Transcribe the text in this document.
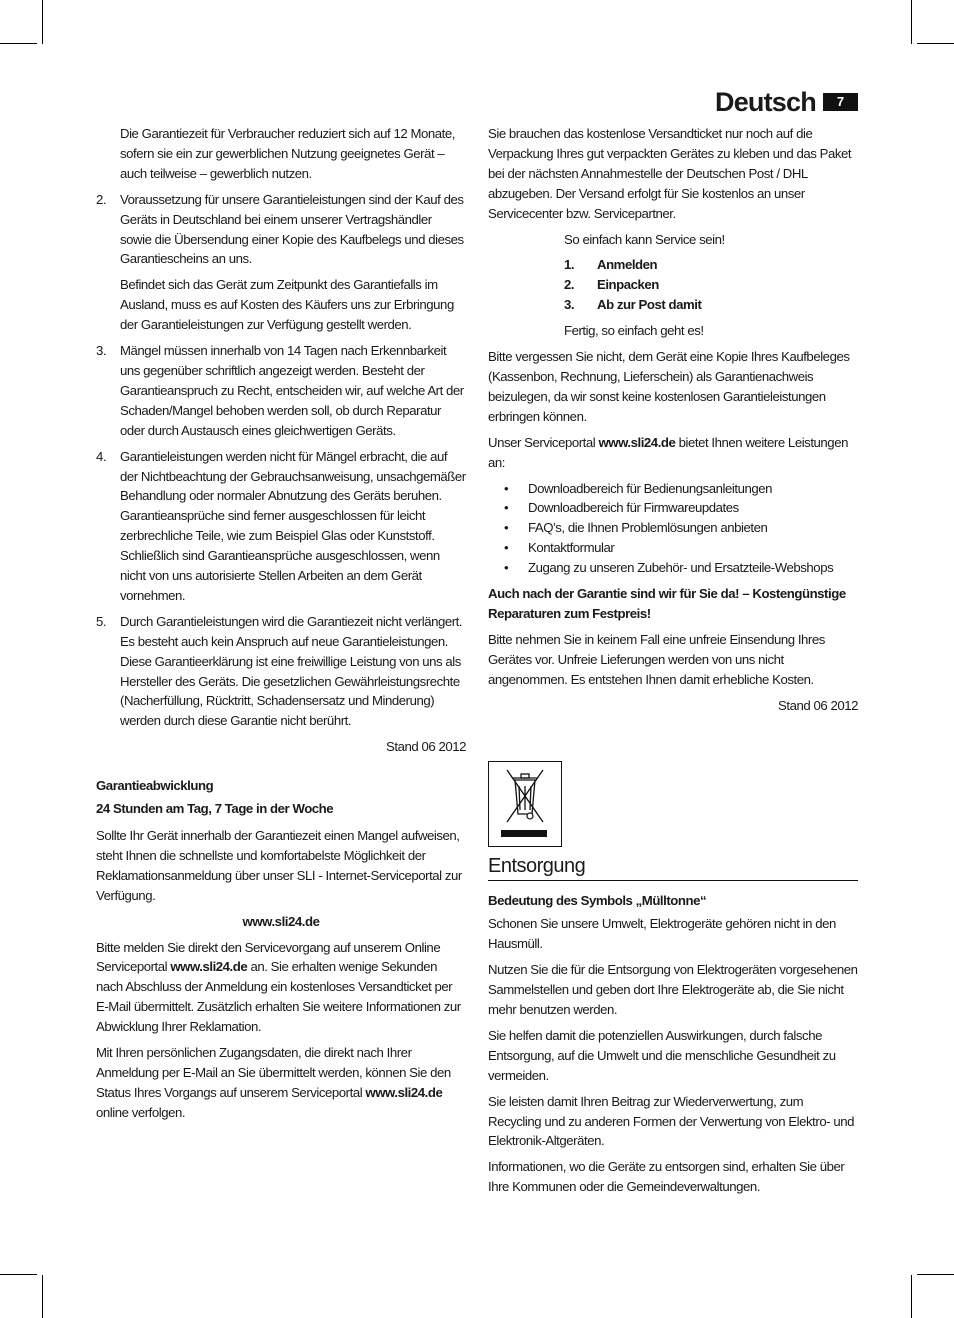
Deutsch	7

Die Garantiezeit für Verbraucher reduziert sich auf 12 Monate, sofern sie ein zur gewerblichen Nutzung geeignetes Gerät – auch teilweise – gewerblich nutzen.

2. Voraussetzung für unsere Garantieleistungen sind der Kauf des Geräts in Deutschland bei einem unserer Vertragshändler sowie die Übersendung einer Kopie des Kaufbelegs und dieses Garantiescheins an uns.

Befindet sich das Gerät zum Zeitpunkt des Garantiefalls im Ausland, muss es auf Kosten des Käufers uns zur Erbringung der Garantieleistungen zur Verfügung gestellt werden.

3. Mängel müssen innerhalb von 14 Tagen nach Erkennbarkeit uns gegenüber schriftlich angezeigt werden. Besteht der Garantieanspruch zu Recht, entscheiden wir, auf welche Art der Schaden/Mangel behoben werden soll, ob durch Reparatur oder durch Austausch eines gleichwertigen Geräts.
4. Garantieleistungen werden nicht für Mängel erbracht, die auf der Nichtbeachtung der Gebrauchsanweisung, unsachgemäßer Behandlung oder normaler Abnutzung des Geräts beruhen. Garantieansprüche sind ferner ausgeschlossen für leicht zerbrechliche Teile, wie zum Beispiel Glas oder Kunststoff. Schließlich sind Garantieansprüche ausgeschlossen, wenn nicht von uns autorisierte Stellen Arbeiten an dem Gerät vornehmen.
5. Durch Garantieleistungen wird die Garantiezeit nicht verlängert. Es besteht auch kein Anspruch auf neue Garantieleistungen. Diese Garantieerklärung ist eine freiwillige Leistung von uns als Hersteller des Geräts. Die gesetzlichen Gewährleistungsrechte (Nacherfüllung, Rücktritt, Schadensersatz und Minderung) werden durch diese Garantie nicht berührt.

Stand 06 2012

Garantieabwicklung

24 Stunden am Tag, 7 Tage in der Woche

Sollte Ihr Gerät innerhalb der Garantiezeit einen Mangel aufweisen, steht Ihnen die schnellste und komfortabelste Möglichkeit der Reklamationsanmeldung über unser SLI - Internet-Serviceportal zur Verfügung.

www.sli24.de

Bitte melden Sie direkt den Servicevorgang auf unserem Online Serviceportal www.sli24.de an. Sie erhalten wenige Sekunden nach Abschluss der Anmeldung ein kostenloses Versandticket per E-Mail übermittelt. Zusätzlich erhalten Sie weitere Informationen zur Abwicklung Ihrer Reklamation.

Mit Ihren persönlichen Zugangsdaten, die direkt nach Ihrer Anmeldung per E-Mail an Sie übermittelt werden, können Sie den Status Ihres Vorgangs auf unserem Serviceportal www.sli24.de online verfolgen.

Sie brauchen das kostenlose Versandticket nur noch auf die Verpackung Ihres gut verpackten Gerätes zu kleben und das Paket bei der nächsten Annahmestelle der Deutschen Post / DHL abzugeben. Der Versand erfolgt für Sie kostenlos an unser Servicecenter bzw. Servicepartner.

So einfach kann Service sein!

1. Anmelden
2. Einpacken
3. Ab zur Post damit

Fertig, so einfach geht es!

Bitte vergessen Sie nicht, dem Gerät eine Kopie Ihres Kaufbeleges (Kassenbon, Rechnung, Lieferschein) als Garantienachweis beizulegen, da wir sonst keine kostenlosen Garantieleistungen erbringen können.

Unser Serviceportal www.sli24.de bietet Ihnen weitere Leistungen an:

• Downloadbereich für Bedienungsanleitungen
• Downloadbereich für Firmwareupdates
• FAQ’s, die Ihnen Problemlösungen anbieten
• Kontaktformular
• Zugang zu unseren Zubehör- und Ersatzteile-Webshops

Auch nach der Garantie sind wir für Sie da! – Kostengünstige Reparaturen zum Festpreis!

Bitte nehmen Sie in keinem Fall eine unfreie Einsendung Ihres Gerätes vor. Unfreie Lieferungen werden von uns nicht angenommen. Es entstehen Ihnen damit erhebliche Kosten.

Stand 06 2012

Entsorgung

Bedeutung des Symbols „Mülltonne“

Schonen Sie unsere Umwelt, Elektrogeräte gehören nicht in den Hausmüll.

Nutzen Sie die für die Entsorgung von Elektrogeräten vorgesehenen Sammelstellen und geben dort Ihre Elektrogeräte ab, die Sie nicht mehr benutzen werden.

Sie helfen damit die potenziellen Auswirkungen, durch falsche Entsorgung, auf die Umwelt und die menschliche Gesundheit zu vermeiden.

Sie leisten damit Ihren Beitrag zur Wiederverwertung, zum Recycling und zu anderen Formen der Verwertung von Elektro- und Elektronik-Altgeräten.

Informationen, wo die Geräte zu entsorgen sind, erhalten Sie über Ihre Kommunen oder die Gemeindeverwaltungen.
